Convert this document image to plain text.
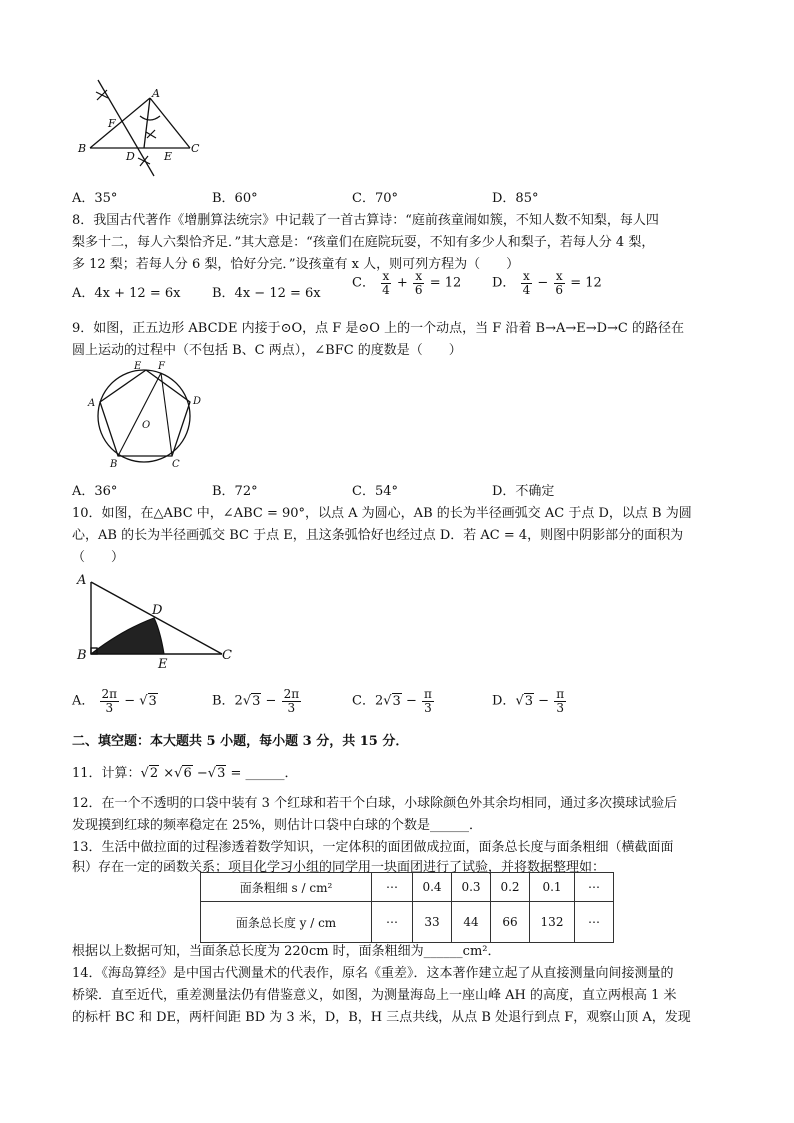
A
B	C
D	E
F
A．35°	B．60°	C．70°	D．85°
8．我国古代著作《增删算法统宗》中记载了一首古算诗：“庭前孩童闹如簇，不知人数不知梨，每人四
梨多十二，每人六梨恰齐足．”其大意是：“孩童们在庭院玩耍，不知有多少人和梨子，若每人分 4 梨，
多 12 梨；若每人分 6 梨，恰好分完．”设孩童有 x 人，则可列方程为（　　）
A．4x + 12 = 6x B．4x − 12 = 6x
C． $\frac{x}{4} + \frac{x}{6} = 12$ D． $\frac{x}{4} - \frac{x}{6} = 12$
9．如图，正五边形 ABCDE 内接于⊙O，点 F 是⊙O 上的一个动点，当 F 沿着 B→A→E→D→C 的路径在
圆上运动的过程中（不包括 B、C 两点），∠BFC 的度数是（　　）
E F
A	D
O
B	C
A．36°	B．72°	C．54°	D．不确定
10．如图，在△ABC 中，∠ABC = 90°，以点 A 为圆心，AB 的长为半径画弧交 AC 于点 D，以点 B 为圆
心，AB 的长为半径画弧交 BC 于点 E，且这条弧恰好也经过点 D．若 AC = 4，则图中阴影部分的面积为
（　　）
A
D
B
E
C
A． $\frac{2\pi}{3} - √3$	B．$2√3 - \frac{2\pi}{3}$	C．$2√3 - \frac{\pi}{3}$	D．$√3 - \frac{\pi}{3}$
二、填空题：本大题共 5 小题，每小题 3 分，共 15 分．
11．计算：√2 ×√6 −√3 = ______．
12．在一个不透明的口袋中装有 3 个红球和若干个白球，小球除颜色外其余均相同，通过多次摸球试验后
发现摸到红球的频率稳定在 25%，则估计口袋中白球的个数是______．
13．生活中做拉面的过程渗透着数学知识，一定体积的面团做成拉面，面条总长度与面条粗细（横截面面
积）存在一定的函数关系；项目化学习小组的同学用一块面团进行了试验，并将数据整理如：
面条粗细 s / cm²	⋯	0.4	0.3	0.2	0.1	⋯
面条总长度 y / cm	⋯	33	44	66	132	⋯
根据以上数据可知，当面条总长度为 220cm 时，面条粗细为______cm²．
14．《海岛算经》是中国古代测量术的代表作，原名《重差》．这本著作建立起了从直接测量向间接测量的
桥梁．直至近代，重差测量法仍有借鉴意义，如图，为测量海岛上一座山峰 AH 的高度，直立两根高 1 米
的标杆 BC 和 DE，两杆间距 BD 为 3 米，D，B，H 三点共线，从点 B 处退行到点 F，观察山顶 A，发现
